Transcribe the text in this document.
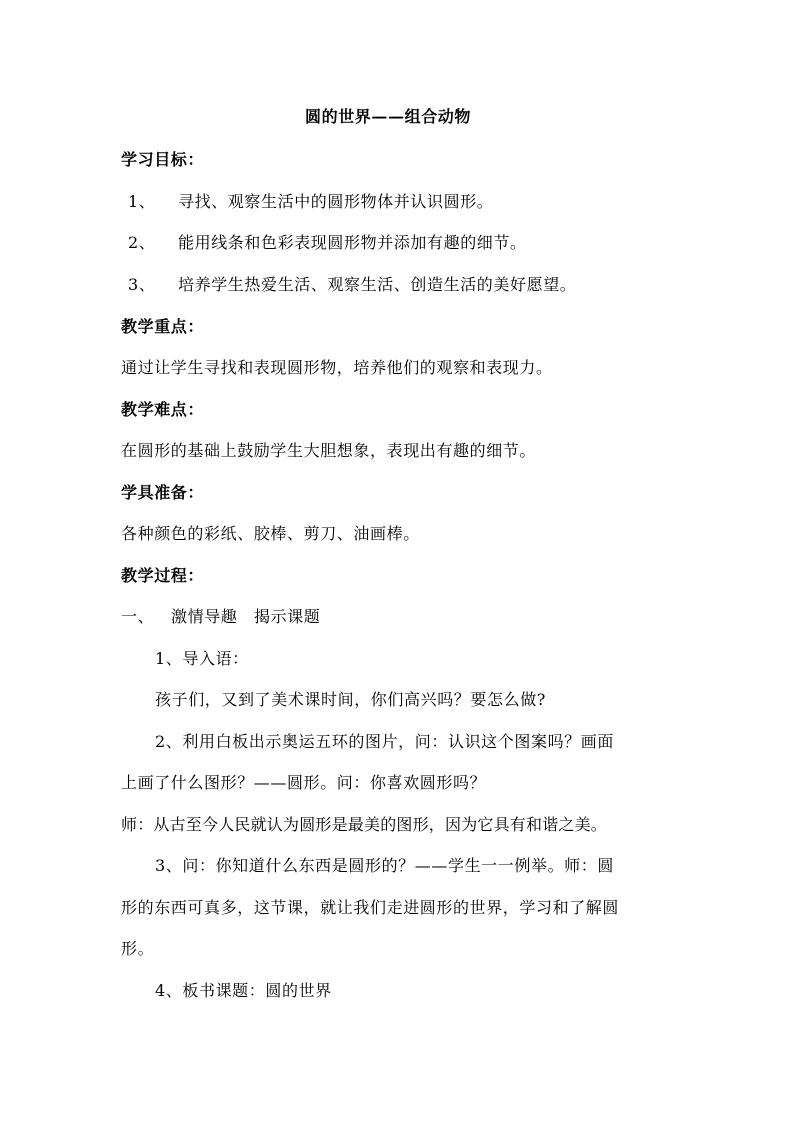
圆的世界——组合动物
学习目标：
1、 寻找、观察生活中的圆形物体并认识圆形。
2、 能用线条和色彩表现圆形物并添加有趣的细节。
3、 培养学生热爱生活、观察生活、创造生活的美好愿望。
教学重点：
通过让学生寻找和表现圆形物，培养他们的观察和表现力。
教学难点：
在圆形的基础上鼓励学生大胆想象，表现出有趣的细节。
学具准备：
各种颜色的彩纸、胶棒、剪刀、油画棒。
教学过程：
一、 激情导趣　揭示课题
1、导入语：
孩子们，又到了美术课时间，你们高兴吗？要怎么做?
2、利用白板出示奥运五环的图片，问：认识这个图案吗？画面
上画了什么图形？——圆形。问：你喜欢圆形吗？
师：从古至今人民就认为圆形是最美的图形，因为它具有和谐之美。
3、问：你知道什么东西是圆形的？——学生一一例举。师：圆
形的东西可真多，这节课，就让我们走进圆形的世界，学习和了解圆
形。
4、板书课题：圆的世界
